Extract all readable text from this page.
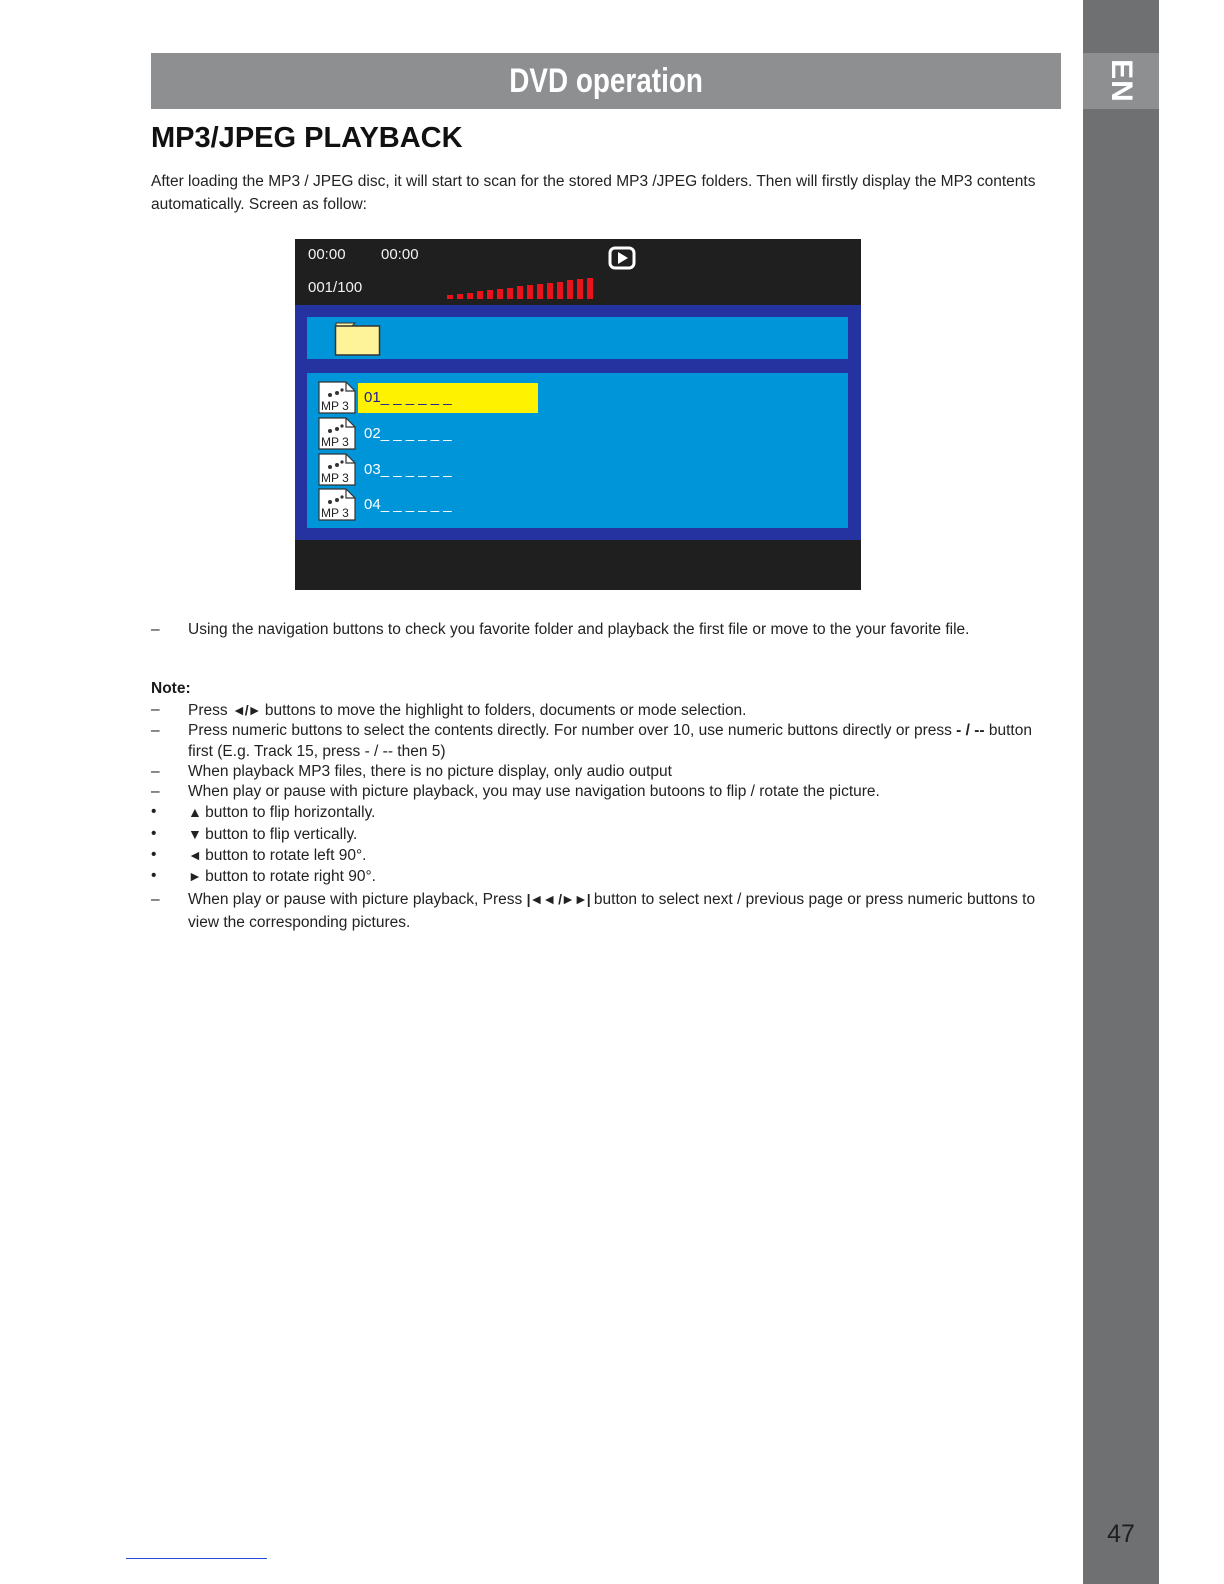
EN
47
DVD operation
MP3/JPEG PLAYBACK

After loading the MP3 / JPEG disc, it will start to scan for the stored MP3 /JPEG folders. Then will firstly display the MP3 contents automatically. Screen as follow:

00:00 00:00
001/100
MP 3	01_ _ _ _ _ _
MP 3	02_ _ _ _ _ _
MP 3	03_ _ _ _ _ _
MP 3	04_ _ _ _ _ _
– Using the navigation buttons to check you favorite folder and playback the first file or move to the your favorite file.

Note:

– Press ◄/► buttons to move the highlight to folders, documents or mode selection.
– Press numeric buttons to select the contents directly. For number over 10, use numeric buttons directly or press - / -- button first (E.g. Track 15, press - / -- then 5)
– When playback MP3 files, there is no picture display, only audio output
– When play or pause with picture playback, you may use navigation butoons to flip / rotate the picture.
• ▲ button to flip horizontally.
• ▼ button to flip vertically.
• ◄ button to rotate left 90°.
• ► button to rotate right 90°.
– When play or pause with picture playback, Press |◄◄ /►►| button to select next / previous page or press numeric buttons to view the corresponding pictures.
